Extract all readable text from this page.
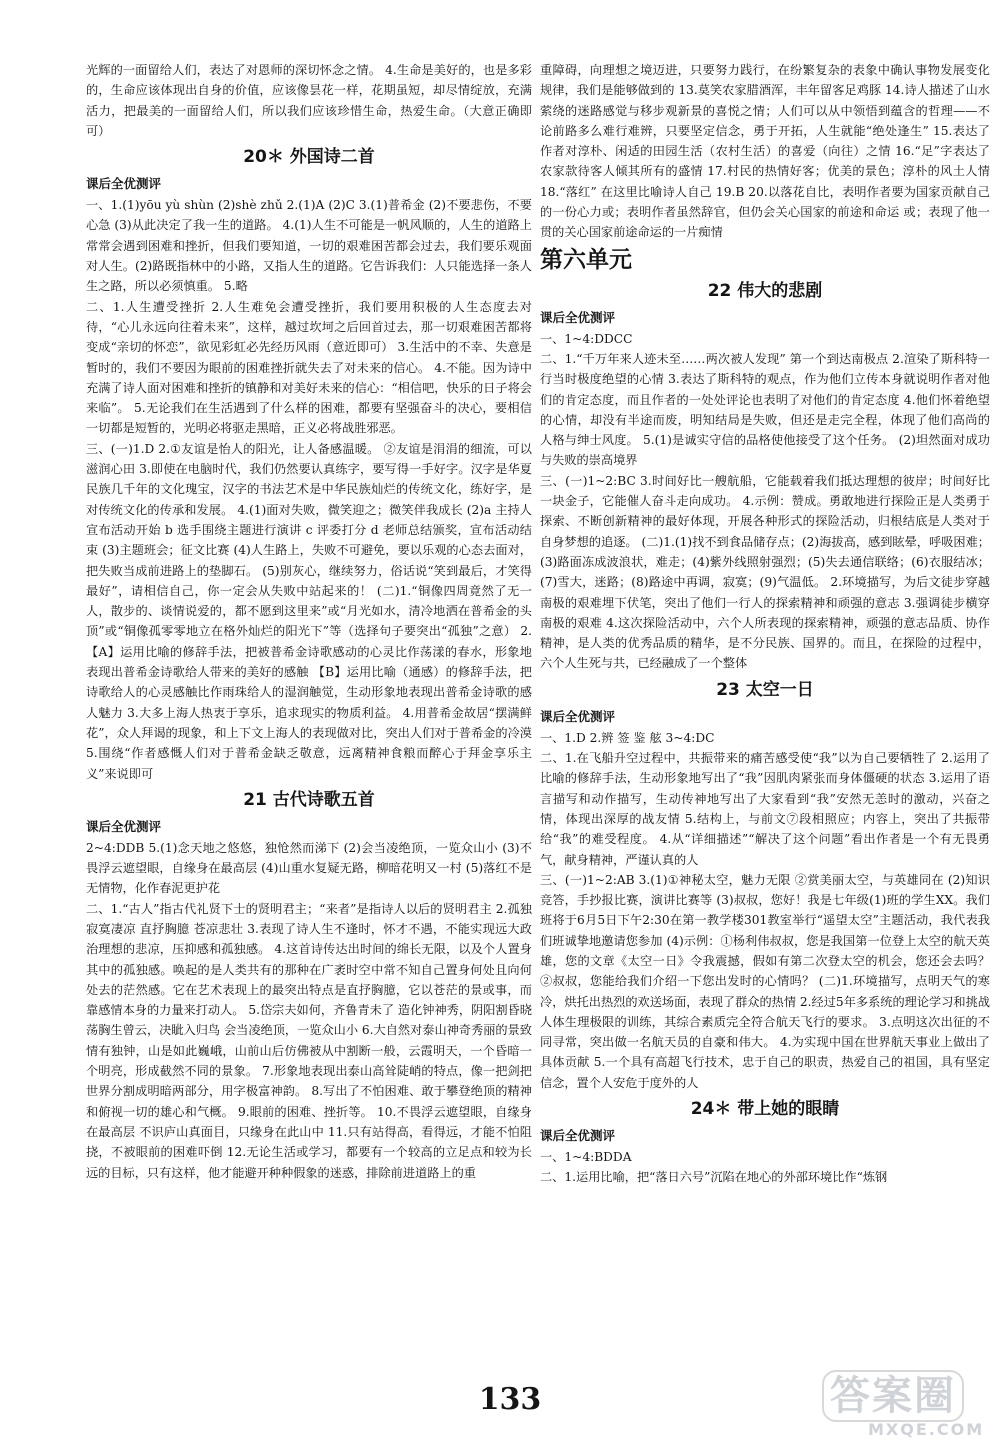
光辉的一面留给人们，表达了对恩师的深切怀念之情。 4.生命是美好的，也是多彩的，生命应该体现出自身的价值，应该像昙花一样，花期虽短，却尽情绽放，充满活力，把最美的一面留给人们，所以我们应该珍惜生命，热爱生命。（大意正确即可）

20＊ 外国诗二首
课后全优测评

一、1.(1)yōu yù shùn (2)shè zhǔ 2.(1)A (2)C 3.(1)普希金 (2)不要悲伤，不要心急 (3)从此决定了我一生的道路。 4.(1)人生不可能是一帆风顺的，人生的道路上常常会遇到困难和挫折，但我们要知道，一切的艰难困苦都会过去，我们要乐观面对人生。(2)路既指林中的小路，又指人生的道路。它告诉我们：人只能选择一条人生之路，所以必须慎重。 5.略

二、1.人生遭受挫折 2.人生难免会遭受挫折，我们要用积极的人生态度去对待，“心儿永远向往着未来”，这样，越过坎坷之后回首过去，那一切艰难困苦都将变成“亲切的怀恋”，欲见彩虹必先经历风雨（意近即可） 3.生活中的不幸、失意是暂时的，我们不要因为眼前的困难挫折就失去了对未来的信心。 4.不能。因为诗中充满了诗人面对困难和挫折的镇静和对美好未来的信心：“相信吧，快乐的日子将会来临”。 5.无论我们在生活遇到了什么样的困难，都要有坚强奋斗的决心，要相信一切都是短暂的，光明必将驱走黑暗，正义必将战胜邪恶。

三、(一)1.D 2.①友谊是怡人的阳光，让人备感温暖。 ②友谊是涓涓的细流，可以滋润心田 3.即使在电脑时代，我们仍然要认真练字，要写得一手好字。汉字是华夏民族几千年的文化瑰宝，汉字的书法艺术是中华民族灿烂的传统文化，练好字，是对传统文化的传承和发展。 4.(1)面对失败，微笑迎之；微笑伴我成长 (2)a 主持人宣布活动开始 b 选手围绕主题进行演讲 c 评委打分 d 老师总结颁奖，宣布活动结束 (3)主题班会；征文比赛 (4)人生路上，失败不可避免，要以乐观的心态去面对，把失败当成前进路上的垫脚石。 (5)别灰心，继续努力，俗话说“笑到最后，才笑得最好”，请相信自己，你一定会从失败中站起来的！ (二)1.“铜像四周竟然了无一人，散步的、谈情说爱的，都不愿到这里来”或“月光如水，清冷地洒在普希金的头顶”或“铜像孤零零地立在格外灿烂的阳光下”等（选择句子要突出“孤独”之意） 2.【A】运用比喻的修辞手法，把被普希金诗歌感动的心灵比作荡漾的春水，形象地表现出普希金诗歌给人带来的美好的感触 【B】运用比喻（通感）的修辞手法，把诗歌给人的心灵感触比作雨珠给人的湿润触觉，生动形象地表现出普希金诗歌的感人魅力 3.大多上海人热衷于享乐，追求现实的物质利益。 4.用普希金故居“摆满鲜花”，众人拜谒的现象，和上下文上海人的表现做对比，突出人们对于普希金的冷漠 5.围绕“作者感慨人们对于普希金缺乏敬意，远离精神食粮而醉心于拜金享乐主义”来说即可

21 古代诗歌五首
课后全优测评

2~4:DDB 5.(1)念天地之悠悠，独怆然而涕下 (2)会当凌绝顶，一览众山小 (3)不畏浮云遮望眼，自缘身在最高层 (4)山重水复疑无路，柳暗花明又一村 (5)落红不是无情物，化作春泥更护花

二、1.“古人”指古代礼贤下士的贤明君主；“来者”是指诗人以后的贤明君主 2.孤独寂寞凄凉 直抒胸臆 苍凉悲壮 3.表现了诗人生不逢时，怀才不遇，不能实现远大政治理想的悲凉，压抑感和孤独感。 4.这首诗传达出时间的绵长无限，以及个人置身其中的孤独感。唤起的是人类共有的那种在广袤时空中常不知自己置身何处且向何处去的茫然感。它在艺术表现上的最突出特点是直抒胸臆，它以苍茫的景或事，而靠感情本身的力量来打动人。 5.岱宗夫如何，齐鲁青未了 造化钟神秀，阴阳割昏晓 荡胸生曾云，决眦入归鸟 会当凌绝顶，一览众山小 6.大自然对泰山神奇秀丽的景致情有独钟，山是如此巍峨，山前山后仿佛被从中割断一般，云霞明天，一个昏暗一个明亮，形成截然不同的景象。 7.形象地表现出泰山高耸陡峭的特点，像一把剑把世界分割成明暗两部分，用字极富神韵。 8.写出了不怕困难、敢于攀登绝顶的精神和俯视一切的雄心和气概。 9.眼前的困难、挫折等。 10.不畏浮云遮望眼，自缘身在最高层 不识庐山真面目，只缘身在此山中 11.只有站得高，看得远，才能不怕阻挠，不被眼前的困难吓倒 12.无论生活或学习，都要有一个较高的立足点和较为长远的目标，只有这样，他才能避开种种假象的迷惑，排除前进道路上的重

重障碍，向理想之境迈进，只要努力践行，在纷繁复杂的表象中确认事物发展变化规律，我们是能够做到的 13.莫笑农家腊酒浑，丰年留客足鸡豚 14.诗人描述了山水萦绕的迷路感觉与移步观新景的喜悦之情；人们可以从中领悟到蕴含的哲理——不论前路多么难行难辨，只要坚定信念，勇于开拓，人生就能“绝处逢生” 15.表达了作者对淳朴、闲适的田园生活（农村生活）的喜爱（向往）之情 16.“足”字表达了农家款待客人倾其所有的盛情 17.村民的热情好客；优美的景色；淳朴的风土人情 18.“落红” 在这里比喻诗人自己 19.B 20.以落花自比，表明作者要为国家贡献自己的一份心力或；表明作者虽然辞官，但仍会关心国家的前途和命运 或；表现了他一贯的关心国家前途命运的一片痴情

第六单元
22 伟大的悲剧
课后全优测评

一、1~4:DDCC

二、1.“千万年来人迹未至……两次被人发现” 第一个到达南极点 2.渲染了斯科特一行当时极度绝望的心情 3.表达了斯科特的观点，作为他们立传本身就说明作者对他们的肯定态度，而且作者的一处处评论也表明了对他们的肯定态度 4.他们怀着绝望的心情，却没有半途而废，明知结局是失败，但还是走完全程，体现了他们高尚的人格与绅士风度。 5.(1)是诚实守信的品格使他接受了这个任务。 (2)坦然面对成功与失败的崇高境界

三、(一)1~2:BC 3.时间好比一艘航船，它能载着我们抵达理想的彼岸；时间好比一块金子，它能催人奋斗走向成功。 4.示例：赞成。勇敢地进行探险正是人类勇于探索、不断创新精神的最好体现，开展各种形式的探险活动，归根结底是人类对于自身梦想的追逐。 (二)1.(1)找不到食品储存点；(2)海拔高，感到眩晕，呼吸困难；(3)路面冻成波浪状，难走；(4)紫外线照射强烈；(5)失去通信联络；(6)衣服结冰；(7)雪大，迷路；(8)路途中再调，寂寞；(9)气温低。 2.环境描写，为后文徒步穿越南极的艰难埋下伏笔，突出了他们一行人的探索精神和顽强的意志 3.强调徒步横穿南极的艰难 4.这次探险活动中，六个人所表现的探索精神，顽强的意志品质、协作精神，是人类的优秀品质的精华，是不分民族、国界的。而且，在探险的过程中，六个人生死与共，已经融成了一个整体

23 太空一日
课后全优测评

一、1.D 2.辨 签 鉴 舷 3~4:DC

二、1.在飞船升空过程中，共振带来的痛苦感受使“我”以为自己要牺牲了 2.运用了比喻的修辞手法，生动形象地写出了“我”因肌肉紧张而身体僵硬的状态 3.运用了语言描写和动作描写，生动传神地写出了大家看到“我”安然无恙时的激动，兴奋之情，体现出深厚的战友情 5.结构上，与前文⑦段相照应；内容上，突出了共振带给“我”的难受程度。 4.从“详细描述”“解决了这个问题”看出作者是一个有无畏勇气，献身精神，严谨认真的人

三、(一)1~2:AB 3.(1)①神秘太空，魅力无限 ②赏美丽太空，与英雄同在 (2)知识竞答，手抄报比赛，演讲比赛等 (3)叔叔，您好！我是七年级(1)班的学生XX。我们班将于6月5日下午2:30在第一教学楼301教室举行“遥望太空”主题活动，我代表我们班诚挚地邀请您参加 (4)示例：①杨利伟叔叔，您是我国第一位登上太空的航天英雄，您的文章《太空一日》令我震撼，假如有第二次登太空的机会，您还会去吗？②叔叔，您能给我们介绍一下您出发时的心情吗？ (二)1.环境描写，点明天气的寒冷，烘托出热烈的欢送场面，表现了群众的热情 2.经过5年多系统的理论学习和挑战人体生理极限的训练，其综合素质完全符合航天飞行的要求。 3.点明这次出征的不同寻常，突出做一名航天员的自豪和伟大。 4.为实现中国在世界航天事业上做出了具体贡献 5.一个具有高超飞行技术，忠于自己的职责，热爱自己的祖国，具有坚定信念，置个人安危于度外的人

24＊ 带上她的眼睛
课后全优测评

一、1~4:BDDA

二、1.运用比喻，把“落日六号”沉陷在地心的外部环境比作“炼钢

133	答案圈
MXQE.COM
